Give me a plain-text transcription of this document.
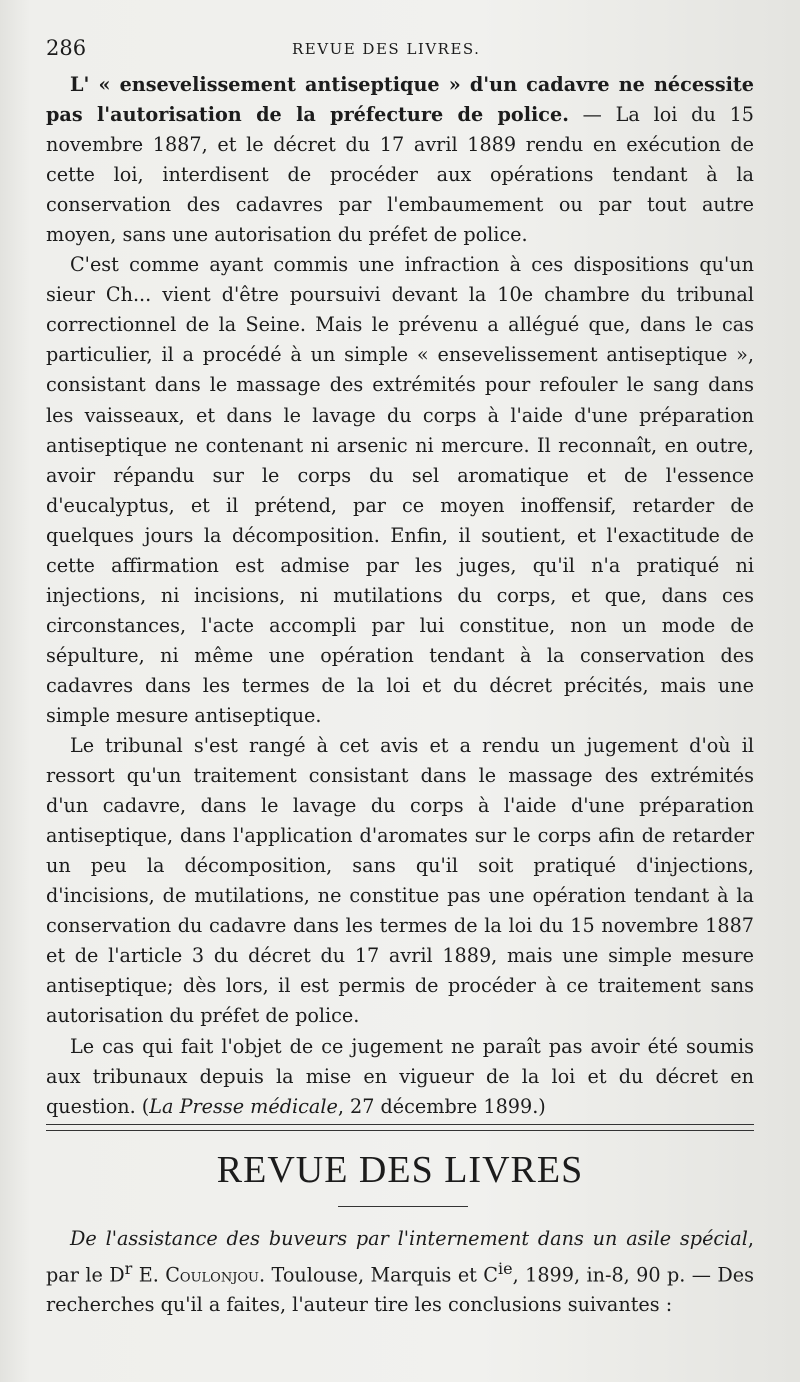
286	REVUE DES LIVRES.

L' « ensevelissement antiseptique » d'un cadavre ne nécessite pas l'autorisation de la préfecture de police. — La loi du 15 novembre 1887, et le décret du 17 avril 1889 rendu en exécution de cette loi, interdisent de procéder aux opérations tendant à la conservation des cadavres par l'embaumement ou par tout autre moyen, sans une autorisation du préfet de police.

C'est comme ayant commis une infraction à ces dispositions qu'un sieur Ch... vient d'être poursuivi devant la 10e chambre du tribunal correctionnel de la Seine. Mais le prévenu a allégué que, dans le cas particulier, il a procédé à un simple « ensevelissement antiseptique », consistant dans le massage des extrémités pour refouler le sang dans les vaisseaux, et dans le lavage du corps à l'aide d'une préparation antiseptique ne contenant ni arsenic ni mercure. Il reconnaît, en outre, avoir répandu sur le corps du sel aromatique et de l'essence d'eucalyptus, et il prétend, par ce moyen inoffensif, retarder de quelques jours la décomposition. Enfin, il soutient, et l'exactitude de cette affirmation est admise par les juges, qu'il n'a pratiqué ni injections, ni incisions, ni mutilations du corps, et que, dans ces circonstances, l'acte accompli par lui constitue, non un mode de sépulture, ni même une opération tendant à la conservation des cadavres dans les termes de la loi et du décret précités, mais une simple mesure antiseptique.

Le tribunal s'est rangé à cet avis et a rendu un jugement d'où il ressort qu'un traitement consistant dans le massage des extrémités d'un cadavre, dans le lavage du corps à l'aide d'une préparation antiseptique, dans l'application d'aromates sur le corps afin de retarder un peu la décomposition, sans qu'il soit pratiqué d'injections, d'incisions, de mutilations, ne constitue pas une opération tendant à la conservation du cadavre dans les termes de la loi du 15 novembre 1887 et de l'article 3 du décret du 17 avril 1889, mais une simple mesure antiseptique; dès lors, il est permis de procéder à ce traitement sans autorisation du préfet de police.

Le cas qui fait l'objet de ce jugement ne paraît pas avoir été soumis aux tribunaux depuis la mise en vigueur de la loi et du décret en question. (La Presse médicale, 27 décembre 1899.)

REVUE DES LIVRES

De l'assistance des buveurs par l'internement dans un asile spécial, par le $D^r$ E. Coulonjou. Toulouse, Marquis et $C^{ie}$, 1899, in-8, 90 p. — Des recherches qu'il a faites, l'auteur tire les conclusions suivantes :
